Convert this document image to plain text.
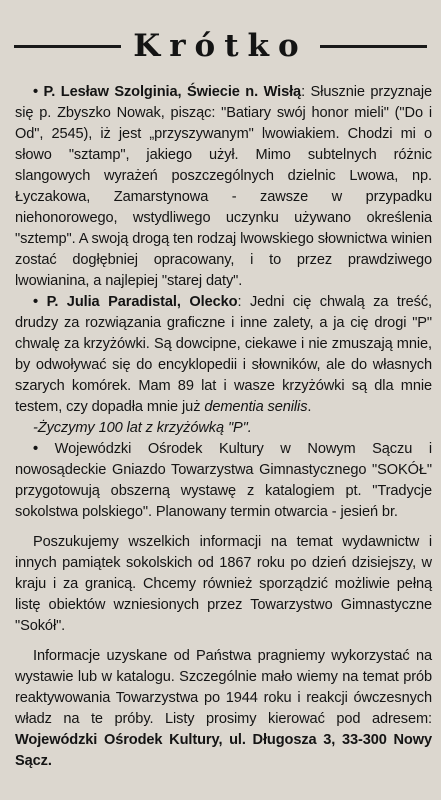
Krótko

• P. Lesław Szolginia, Świecie n. Wisłą: Słusznie przyznaje się p. Zbyszko Nowak, pisząc: "Batiary swój honor mieli" ("Do i Od", 2545), iż jest „przyszywanym" lwowiakiem. Chodzi mi o słowo "sztamp", jakiego użył. Mimo subtelnych różnic slangowych wyrażeń poszczególnych dzielnic Lwowa, np. Łyczakowa, Zamarstynowa - zawsze w przypadku niehonorowego, wstydliwego uczynku używano określenia "sztemp". A swoją drogą ten rodzaj lwowskiego słownictwa winien zostać dogłębniej opracowany, i to przez prawdziwego lwowianina, a najlepiej "starej daty".

• P. Julia Paradistal, Olecko: Jedni cię chwalą za treść, drudzy za rozwiązania graficzne i inne zalety, a ja cię drogi "P" chwalę za krzyżówki. Są dowcipne, ciekawe i nie zmuszają mnie, by odwoływać się do encyklopedii i słowników, ale do własnych szarych komórek. Mam 89 lat i wasze krzyżówki są dla mnie testem, czy dopadła mnie już dementia senilis.

-Życzymy 100 lat z krzyżówką "P".

• Wojewódzki Ośrodek Kultury w Nowym Sączu i nowosądeckie Gniazdo Towarzystwa Gimnastycznego "SOKÓŁ" przygotowują obszerną wystawę z katalogiem pt. "Tradycje sokolstwa polskiego". Planowany termin otwarcia - jesień br.

Poszukujemy wszelkich informacji na temat wydawnictw i innych pamiątek sokolskich od 1867 roku po dzień dzisiejszy, w kraju i za granicą. Chcemy również sporządzić możliwie pełną listę obiektów wzniesionych przez Towarzystwo Gimnastyczne "Sokół".

Informacje uzyskane od Państwa pragniemy wykorzystać na wystawie lub w katalogu. Szczególnie mało wiemy na temat prób reaktywowania Towarzystwa po 1944 roku i reakcji ówczesnych władz na te próby. Listy prosimy kierować pod adresem: Wojewódzki Ośrodek Kultury, ul. Długosza 3, 33-300 Nowy Sącz.
